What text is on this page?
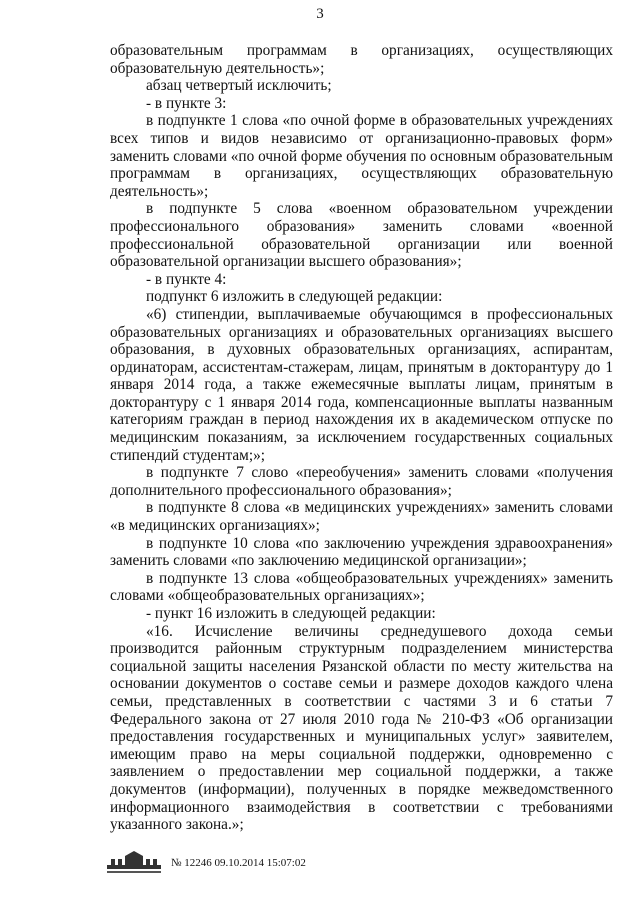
3

образовательным программам в организациях, осуществляющих образовательную деятельность»;

абзац четвертый исключить;

- в пункте 3:

в подпункте 1 слова «по очной форме в образовательных учреждениях всех типов и видов независимо от организационно-правовых форм» заменить словами «по очной форме обучения по основным образовательным программам в организациях, осуществляющих образовательную деятельность»;

в подпункте 5 слова «военном образовательном учреждении профессионального образования» заменить словами «военной профессиональной образовательной организации или военной образовательной организации высшего образования»;

- в пункте 4:

подпункт 6 изложить в следующей редакции:

«6) стипендии, выплачиваемые обучающимся в профессиональных образовательных организациях и образовательных организациях высшего образования, в духовных образовательных организациях, аспирантам, ординаторам, ассистентам-стажерам, лицам, принятым в докторантуру до 1 января 2014 года, а также ежемесячные выплаты лицам, принятым в докторантуру с 1 января 2014 года, компенсационные выплаты названным категориям граждан в период нахождения их в академическом отпуске по медицинским показаниям, за исключением государственных социальных стипендий студентам;»;

в подпункте 7 слово «переобучения» заменить словами «получения дополнительного профессионального образования»;

в подпункте 8 слова «в медицинских учреждениях» заменить словами «в медицинских организациях»;

в подпункте 10 слова «по заключению учреждения здравоохранения» заменить словами «по заключению медицинской организации»;

в подпункте 13 слова «общеобразовательных учреждениях» заменить словами «общеобразовательных организациях»;

- пункт 16 изложить в следующей редакции:

«16. Исчисление величины среднедушевого дохода семьи производится районным структурным подразделением министерства социальной защиты населения Рязанской области по месту жительства на основании документов о составе семьи и размере доходов каждого члена семьи, представленных в соответствии с частями 3 и 6 статьи 7 Федерального закона от 27 июля 2010 года № 210-ФЗ «Об организации предоставления государственных и муниципальных услуг» заявителем, имеющим право на меры социальной поддержки, одновременно с заявлением о предоставлении мер социальной поддержки, а также документов (информации), полученных в порядке межведомственного информационного взаимодействия в соответствии с требованиями указанного закона.»;

№ 12246 09.10.2014 15:07:02
